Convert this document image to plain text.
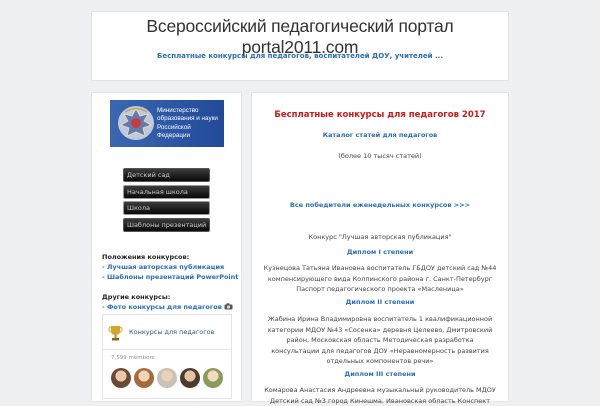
Всероссийский педагогический портал portal2011.com
Бесплатные конкурсы для педагогов, воспитателей ДОУ, учителей ...
Министерство образования и науки Российской Федерации
Детский сад
Начальная школа
Школа
Шаблоны презентаций
Положения конкурсов:
- Лучшая авторская публикация
- Шаблоны презентаций PowerPoint
Другие конкурсы:
- Фото конкурсы для педагогов
Конкурсы для педагогов
7,599 members
Бесплатные конкурсы для педагогов 2017
Каталог статей для педагогов
(более 10 тысяч статей)
Все победители еженедельных конкурсов >>>
Конкурс "Лучшая авторская публикация"
Диплом I степени
Кузнецова Татьяна Ивановна воспитатель ГБДОУ детский сад №44
компенсирующего вида Колпинского района г. Санкт-Петербург
Паспорт педагогического проекта «Масленица»
Диплом II степени
Жабина Ирина Владимировна воспитатель 1 квалификационной
категории МДОУ №43 «Сосенка» деревня Целеево, Дмитровский
район, Московская область Методическая разработка
консультации для педагогов ДОУ «Неравномерность развития
отдельных компонентов речи»
Диплом III степени
Комарова Анастасия Андреевна музыкальный руководитель МДОУ
Детский сад №3 город Кинешма, Ивановская область Конспект
